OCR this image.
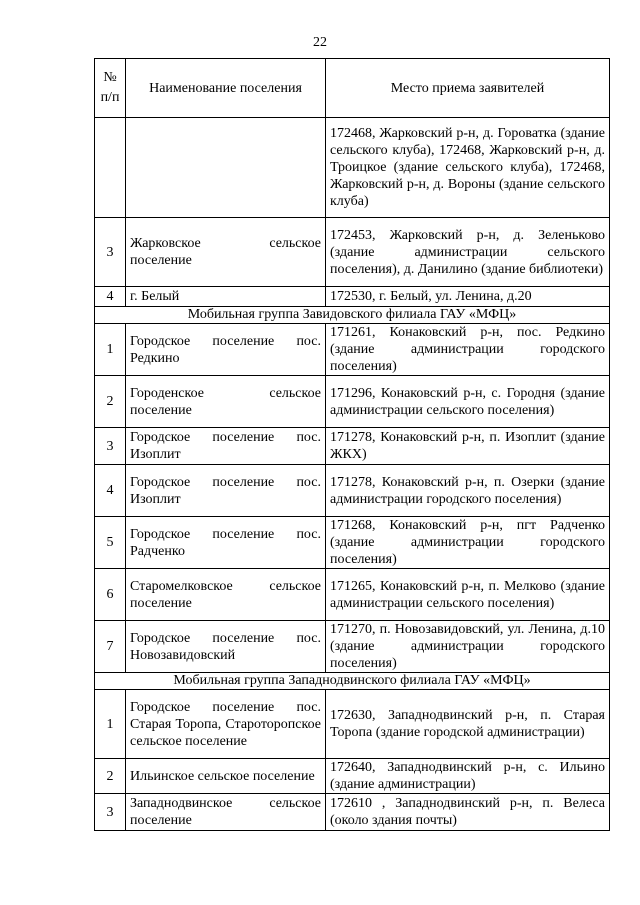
22
№ п/п	Наименование поселения	Место приема заявителей
		172468, Жарковский р-н, д. Гороватка (здание сельского клуба), 172468, Жарковский р-н, д. Троицкое (здание сельского клуба), 172468, Жарковский р-н, д. Вороны (здание сельского клуба)
3	Жарковское сельское поселение	172453, Жарковский р-н, д. Зеленьково (здание администрации сельского поселения), д. Данилино (здание библиотеки)
4	г. Белый	172530, г. Белый, ул. Ленина, д.20
Мобильная группа Завидовского филиала ГАУ «МФЦ»		
1	Городское поселение пос. Редкино	171261, Конаковский р-н, пос. Редкино (здание администрации городского поселения)
2	Городенское сельское поселение	171296, Конаковский р-н, с. Городня (здание администрации сельского поселения)
3	Городское поселение пос. Изоплит	171278, Конаковский р-н, п. Изоплит (здание ЖКХ)
4	Городское поселение пос. Изоплит	171278, Конаковский р-н, п. Озерки (здание администрации городского поселения)
5	Городское поселение пос. Радченко	171268, Конаковский р-н, пгт Радченко (здание администрации городского поселения)
6	Старомелковское сельское поселение	171265, Конаковский р-н, п. Мелково (здание администрации сельского поселения)
7	Городское поселение пос. Новозавидовский	171270, п. Новозавидовский, ул. Ленина, д.10 (здание администрации городского поселения)
Мобильная группа Западнодвинского филиала ГАУ «МФЦ»		
1	Городское поселение пос. Старая Торопа, Староторопское сельское поселение	172630, Западнодвинский р-н, п. Старая Торопа (здание городской администрации)
2	Ильинское сельское поселение	172640, Западнодвинский р-н, с. Ильино (здание администрации)
3	Западнодвинское сельское поселение	172610 , Западнодвинский р-н, п. Велеса (около здания почты)
